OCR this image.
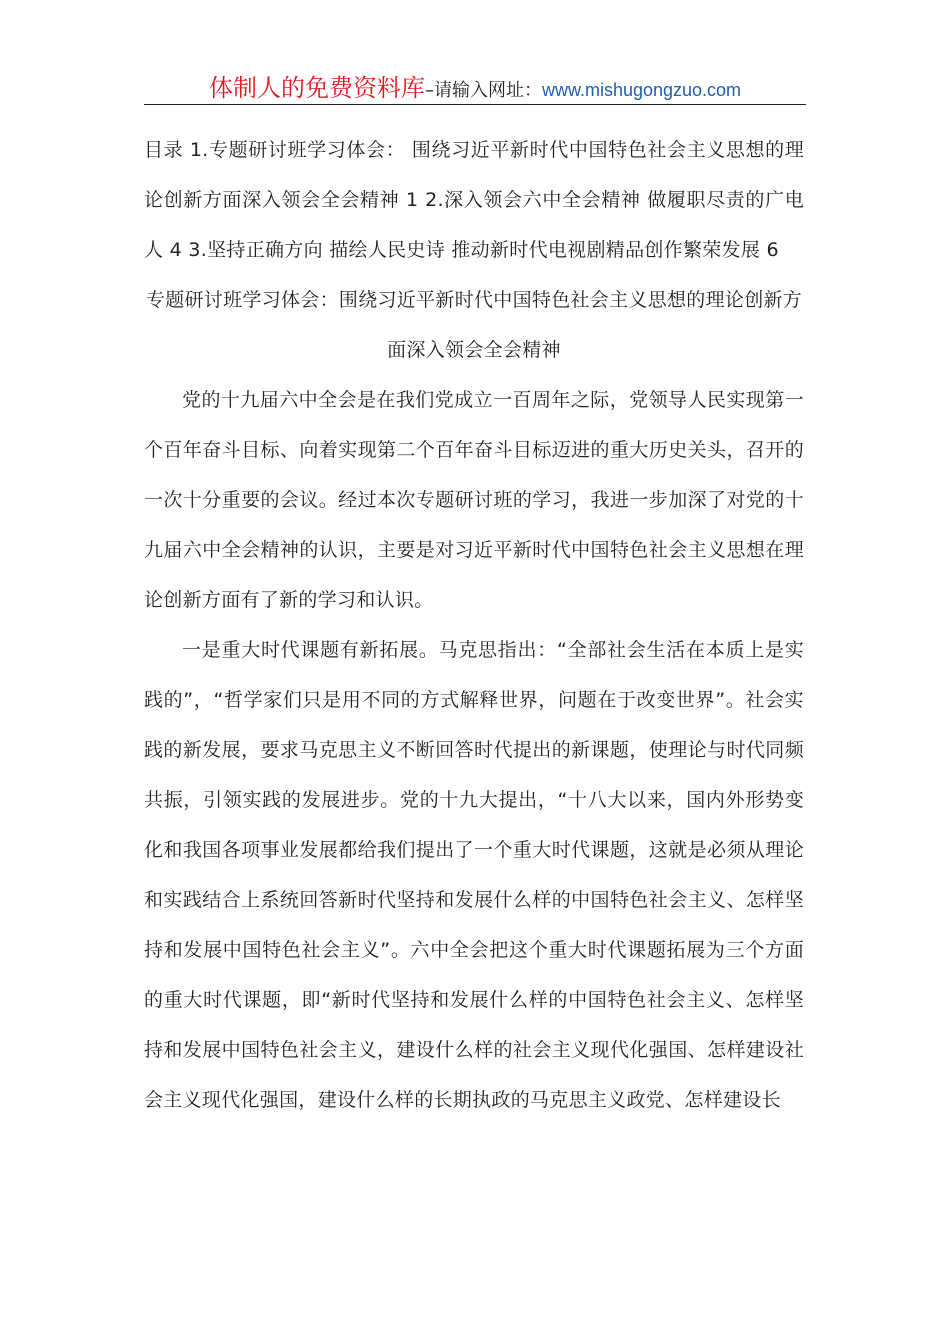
体制人的免费资料库–请输入网址：www.mishugongzuo.com

目录 1.专题研讨班学习体会： 围绕习近平新时代中国特色社会主义思想的理论创新方面深入领会全会精神 1 2.深入领会六中全会精神 做履职尽责的广电人 4 3.坚持正确方向 描绘人民史诗 推动新时代电视剧精品创作繁荣发展 6

专题研讨班学习体会：围绕习近平新时代中国特色社会主义思想的理论创新方面深入领会全会精神

党的十九届六中全会是在我们党成立一百周年之际，党领导人民实现第一个百年奋斗目标、向着实现第二个百年奋斗目标迈进的重大历史关头，召开的一次十分重要的会议。经过本次专题研讨班的学习，我进一步加深了对党的十九届六中全会精神的认识，主要是对习近平新时代中国特色社会主义思想在理论创新方面有了新的学习和认识。

一是重大时代课题有新拓展。马克思指出：“全部社会生活在本质上是实践的”，“哲学家们只是用不同的方式解释世界，问题在于改变世界”。社会实践的新发展，要求马克思主义不断回答时代提出的新课题，使理论与时代同频共振，引领实践的发展进步。党的十九大提出，“十八大以来，国内外形势变化和我国各项事业发展都给我们提出了一个重大时代课题，这就是必须从理论和实践结合上系统回答新时代坚持和发展什么样的中国特色社会主义、怎样坚持和发展中国特色社会主义”。六中全会把这个重大时代课题拓展为三个方面的重大时代课题，即“新时代坚持和发展什么样的中国特色社会主义、怎样坚持和发展中国特色社会主义，建设什么样的社会主义现代化强国、怎样建设社会主义现代化强国，建设什么样的长期执政的马克思主义政党、怎样建设长
